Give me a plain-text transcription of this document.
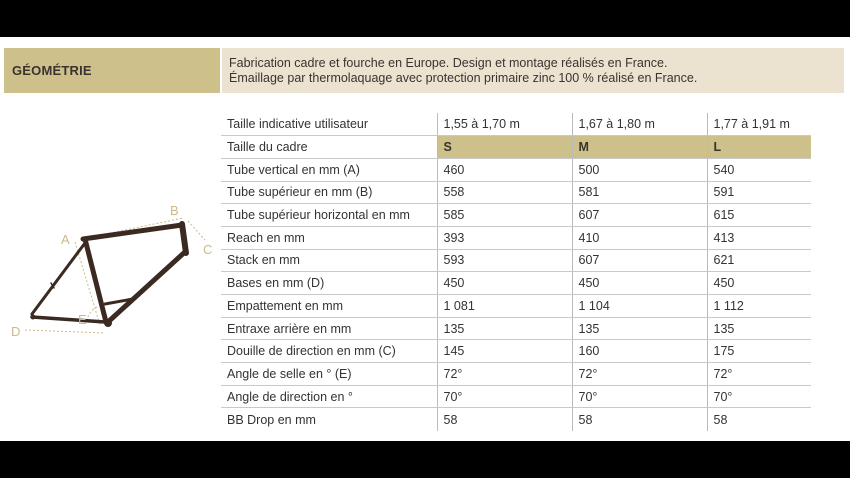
GÉOMÉTRIE
Fabrication cadre et fourche en Europe. Design et montage réalisés en France.
Émaillage par thermolaquage avec protection primaire zinc 100 % réalisé en France.
A
B
C
D
E
Taille indicative utilisateur	1,55 à 1,70 m	1,67 à 1,80 m	1,77 à 1,91 m
Taille du cadre	S	M	L
Tube vertical en mm (A)	460	500	540
Tube supérieur en mm (B)	558	581	591
Tube supérieur horizontal en mm	585	607	615
Reach en mm	393	410	413
Stack en mm	593	607	621
Bases en mm (D)	450	450	450
Empattement en mm	1 081	1 104	1 112
Entraxe arrière en mm	135	135	135
Douille de direction en mm (C)	145	160	175
Angle de selle en ° (E)	72°	72°	72°
Angle de direction en °	70°	70°	70°
BB Drop en mm	58	58	58
